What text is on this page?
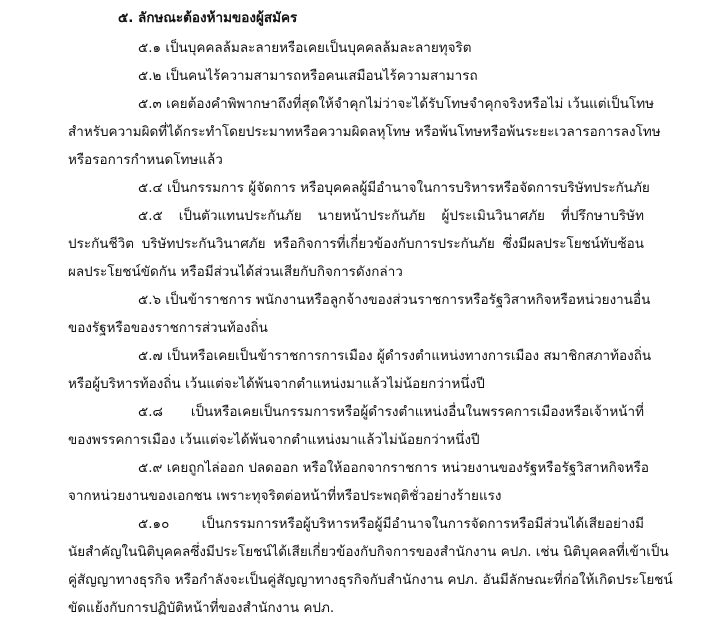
๕. ลักษณะต้องห้ามของผู้สมัคร
๕.๑ เป็นบุคคลล้มละลายหรือเคยเป็นบุคคลล้มละลายทุจริต
๕.๒ เป็นคนไร้ความสามารถหรือคนเสมือนไร้ความสามารถ
๕.๓ เคยต้องคำพิพากษาถึงที่สุดให้จำคุกไม่ว่าจะได้รับโทษจำคุกจริงหรือไม่ เว้นแต่เป็นโทษ
สำหรับความผิดที่ได้กระทำโดยประมาทหรือความผิดลหุโทษ หรือพ้นโทษหรือพ้นระยะเวลารอการลงโทษ
หรือรอการกำหนดโทษแล้ว
๕.๔ เป็นกรรมการ ผู้จัดการ หรือบุคคลผู้มีอำนาจในการบริหารหรือจัดการบริษัทประกันภัย
๕.๕ เป็นตัวแทนประกันภัย นายหน้าประกันภัย ผู้ประเมินวินาศภัย ที่ปรึกษาบริษัท
ประกันชีวิต บริษัทประกันวินาศภัย หรือกิจการที่เกี่ยวข้องกับการประกันภัย ซึ่งมีผลประโยชน์ทับซ้อน
ผลประโยชน์ขัดกัน หรือมีส่วนได้ส่วนเสียกับกิจการดังกล่าว
๕.๖ เป็นข้าราชการ พนักงานหรือลูกจ้างของส่วนราชการหรือรัฐวิสาหกิจหรือหน่วยงานอื่น
ของรัฐหรือของราชการส่วนท้องถิ่น
๕.๗ เป็นหรือเคยเป็นข้าราชการการเมือง ผู้ดำรงตำแหน่งทางการเมือง สมาชิกสภาท้องถิ่น
หรือผู้บริหารท้องถิ่น เว้นแต่จะได้พ้นจากตำแหน่งมาแล้วไม่น้อยกว่าหนึ่งปี
๕.๘ เป็นหรือเคยเป็นกรรมการหรือผู้ดำรงตำแหน่งอื่นในพรรคการเมืองหรือเจ้าหน้าที่
ของพรรคการเมือง เว้นแต่จะได้พ้นจากตำแหน่งมาแล้วไม่น้อยกว่าหนึ่งปี
๕.๙ เคยถูกไล่ออก ปลดออก หรือให้ออกจากราชการ หน่วยงานของรัฐหรือรัฐวิสาหกิจหรือ
จากหน่วยงานของเอกชน เพราะทุจริตต่อหน้าที่หรือประพฤติชั่วอย่างร้ายแรง
๕.๑๐ เป็นกรรมการหรือผู้บริหารหรือผู้มีอำนาจในการจัดการหรือมีส่วนได้เสียอย่างมี
นัยสำคัญในนิติบุคคลซึ่งมีประโยชน์ได้เสียเกี่ยวข้องกับกิจการของสำนักงาน คปภ. เช่น นิติบุคคลที่เข้าเป็น
คู่สัญญาทางธุรกิจ หรือกำลังจะเป็นคู่สัญญาทางธุรกิจกับสำนักงาน คปภ. อันมีลักษณะที่ก่อให้เกิดประโยชน์
ขัดแย้งกับการปฏิบัติหน้าที่ของสำนักงาน คปภ.
